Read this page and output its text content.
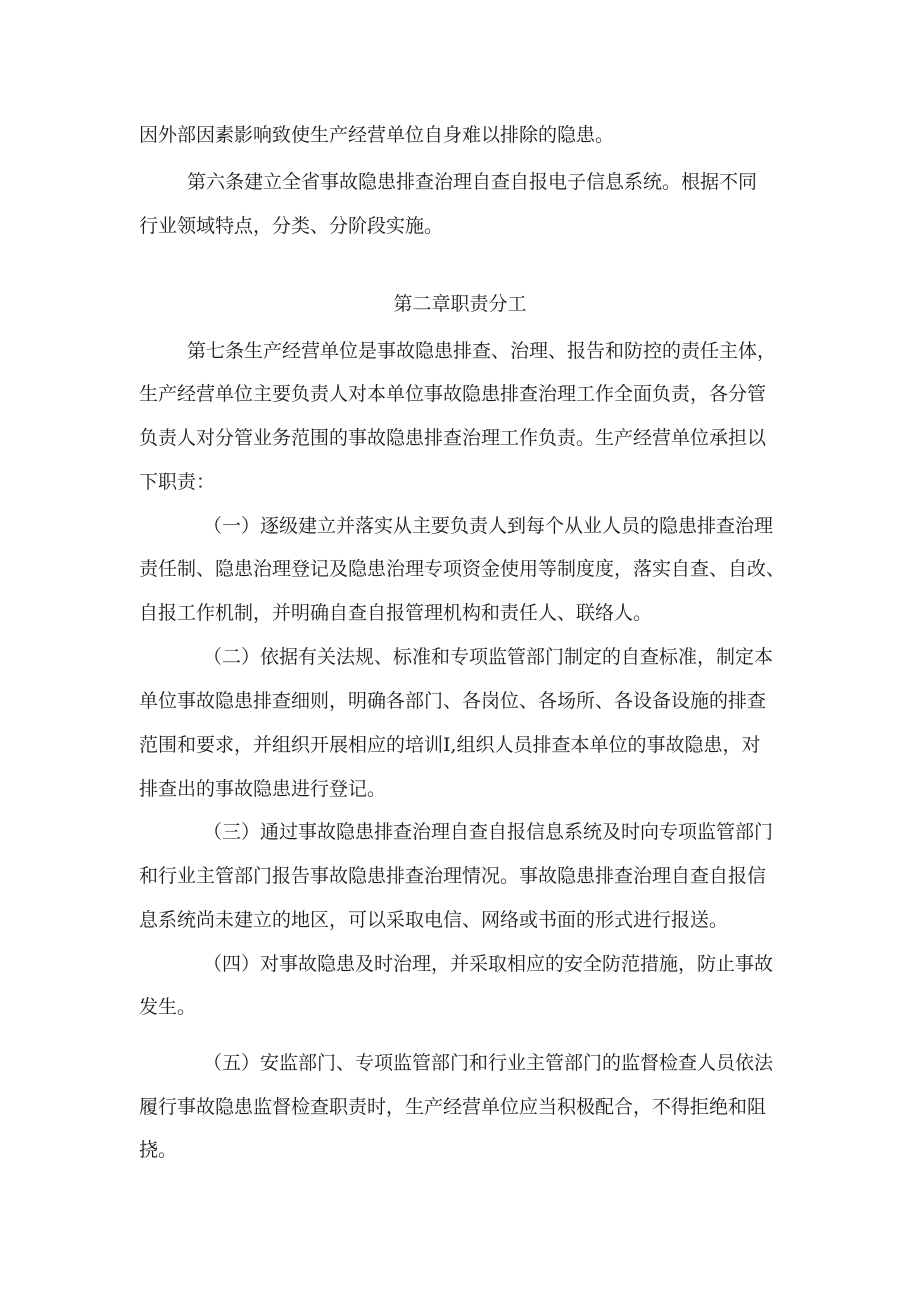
因外部因素影响致使生产经营单位自身难以排除的隐患。

第六条建立全省事故隐患排查治理自查自报电子信息系统。根据不同

行业领域特点，分类、分阶段实施。

第二章职责分工

第七条生产经营单位是事故隐患排查、治理、报告和防控的责任主体，

生产经营单位主要负责人对本单位事故隐患排查治理工作全面负责，各分管

负责人对分管业务范围的事故隐患排查治理工作负责。生产经营单位承担以

下职责：

（一）逐级建立并落实从主要负责人到每个从业人员的隐患排查治理

责任制、隐患治理登记及隐患治理专项资金使用等制度度，落实自查、自改、

自报工作机制，并明确自查自报管理机构和责任人、联络人。

（二）依据有关法规、标准和专项监管部门制定的自查标准，制定本

单位事故隐患排查细则，明确各部门、各岗位、各场所、各设备设施的排查

范围和要求，并组织开展相应的培训I,组织人员排查本单位的事故隐患，对

排查出的事故隐患进行登记。

（三）通过事故隐患排查治理自查自报信息系统及时向专项监管部门

和行业主管部门报告事故隐患排查治理情况。事故隐患排查治理自查自报信

息系统尚未建立的地区，可以采取电信、网络或书面的形式进行报送。

（四）对事故隐患及时治理，并采取相应的安全防范措施，防止事故

发生。

（五）安监部门、专项监管部门和行业主管部门的监督检查人员依法

履行事故隐患监督检查职责时，生产经营单位应当积极配合，不得拒绝和阻

挠。
